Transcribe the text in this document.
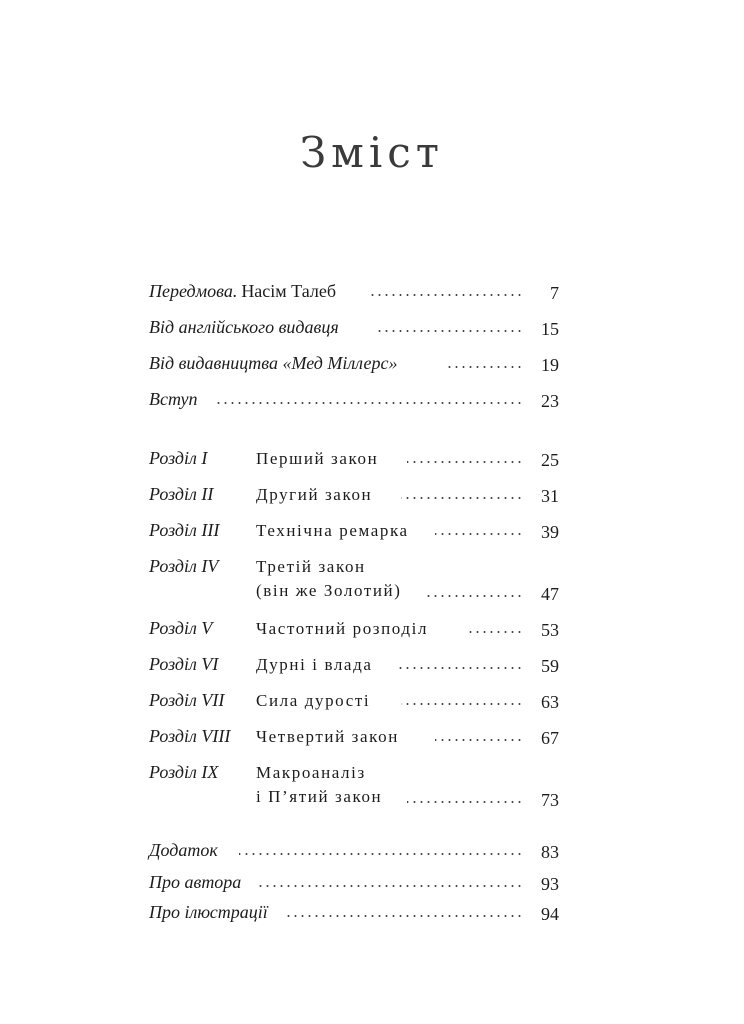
Зміст
Передмова. Насім Талеб	7
Від англійського видавця	15
Від видавництва «Мед Міллерс»	19
Вступ	23
Розділ I	Перший закон	25
Розділ II	Другий закон	31
Розділ III Технічна ремарка	39
Розділ IV Третій закон
(він же Золотий)	47
Розділ V	Частотний розподіл	53
Розділ VI Дурні і влада	59
Розділ VII Сила дурості	63
Розділ VIII Четвертий закон	67
Розділ IX Макроаналіз
і П’ятий закон	73
Додаток	83
Про автора	93
Про ілюстрації	94
